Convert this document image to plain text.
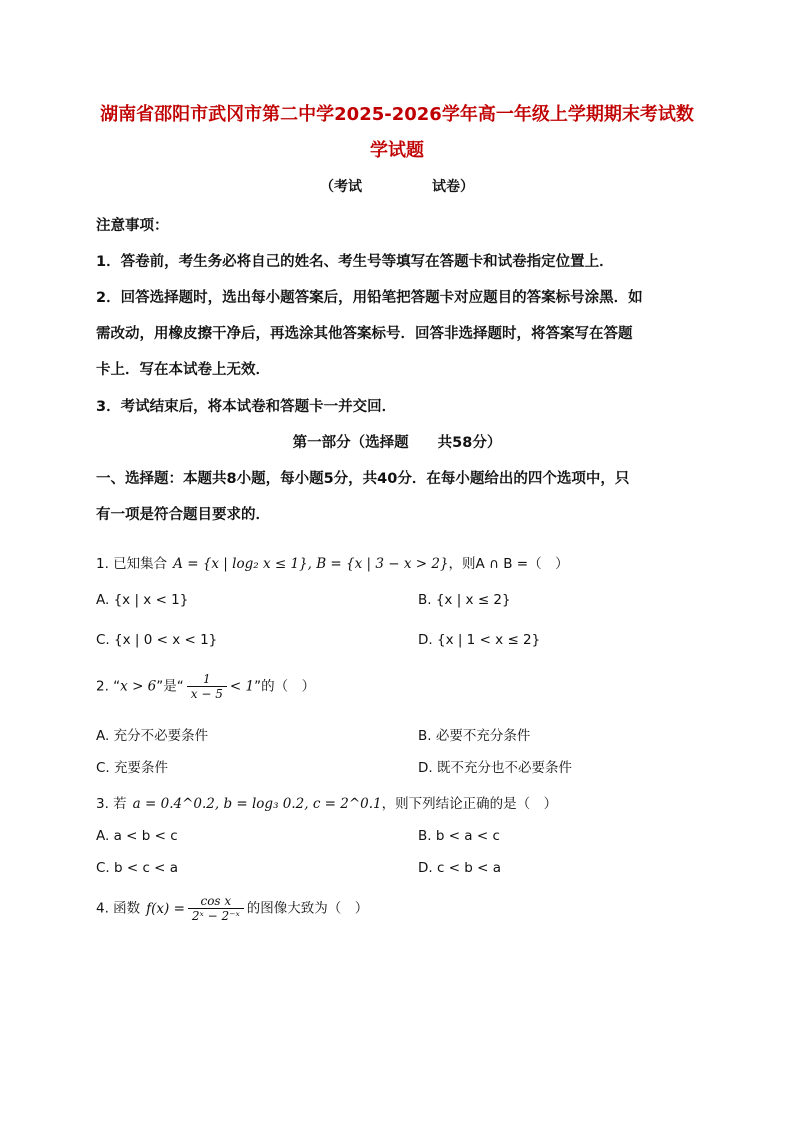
湖南省邵阳市武冈市第二中学2025-2026学年高一年级上学期期末考试数
学试题
（考试	试卷）
注意事项：
1．答卷前，考生务必将自己的姓名、考生号等填写在答题卡和试卷指定位置上．
2．回答选择题时，选出每小题答案后，用铅笔把答题卡对应题目的答案标号涂黑．如
需改动，用橡皮擦干净后，再选涂其他答案标号．回答非选择题时，将答案写在答题
卡上．写在本试卷上无效．
3．考试结束后，将本试卷和答题卡一并交回．
第一部分（选择题　　共58分）
一、选择题：本题共8小题，每小题5分，共40分．在每小题给出的四个选项中，只
有一项是符合题目要求的．
1. 已知集合 A = {x | log₂ x ≤ 1}, B = {x | 3 − x > 2}，则A ∩ B =（　）
A. {x | x < 1}	B. {x | x ≤ 2}
C. {x | 0 < x < 1}	D. {x | 1 < x ≤ 2}
2. “x > 6”是“ $\frac{1}{x - 5} < 1$”的（　）
A. 充分不必要条件	B. 必要不充分条件
C. 充要条件	D. 既不充分也不必要条件
3. 若 a = 0.4^0.2, b = log₃ 0.2, c = 2^0.1，则下列结论正确的是（　）
A. a < b < c	B. b < a < c
C. b < c < a	D. c < b < a
4. 函数 $f(x) = \frac{\text{cos x}}{\text{2ˣ − 2⁻ˣ}}$ 的图像大致为（　）
